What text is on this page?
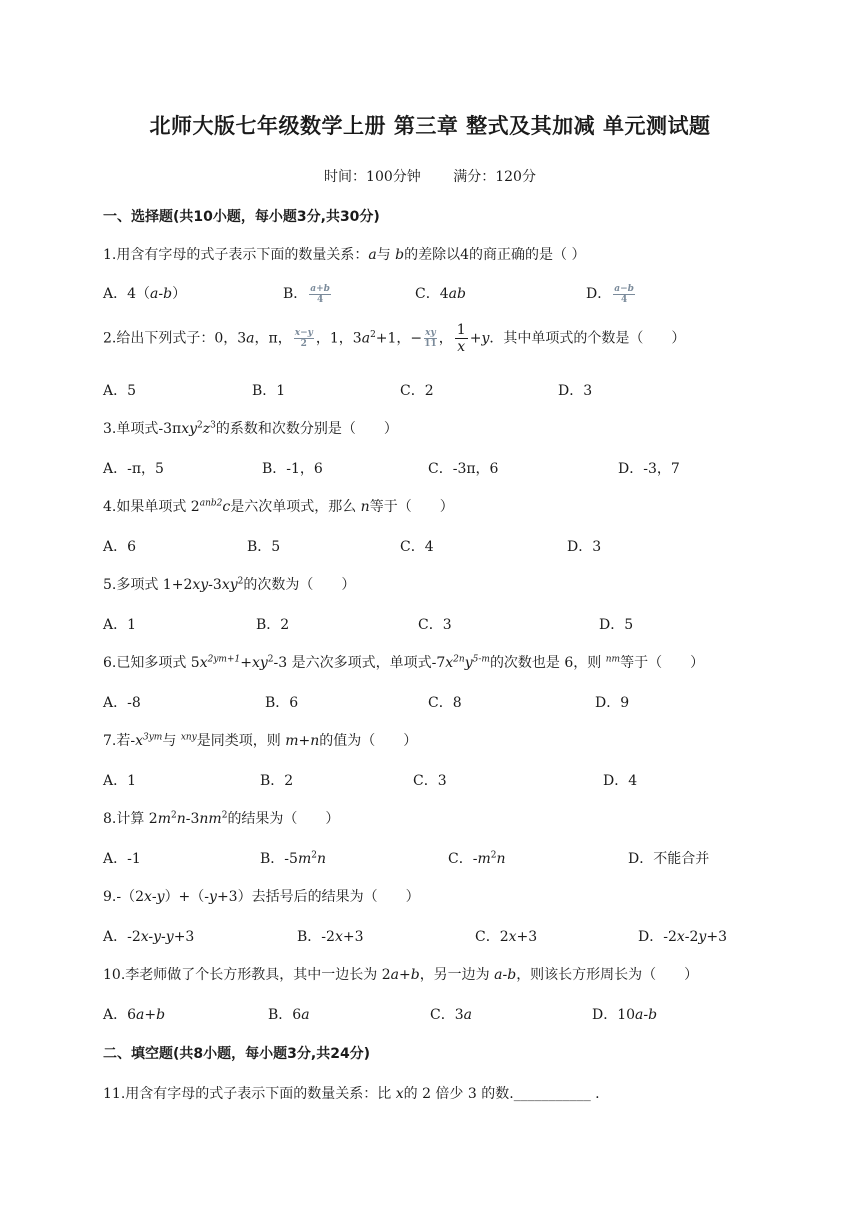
北师大版七年级数学上册 第三章 整式及其加减 单元测试题
时间：100分钟 满分：120分
一、选择题(共10小题，每小题3分,共30分)
1.用含有字母的式子表示下面的数量关系：a与 b的差除以4的商正确的是（ ）
A．4（a-b）	B． $\frac{a+b}{4}$	C．4ab	D． $\frac{a-b}{4}$
2.给出下列式子：0，3a，π， $\frac{x-y}{2}$ ，1，$3a^2+1$，− $\frac{xy}{11}$ ， $\frac{1}{x} +y$．其中单项式的个数是（　　）
A．5	B．1	C．2	D．3
3.单项式$-3\pi xy^2z^3$的系数和次数分别是（　　）
A．-π，5	B．-1，6	C．-3π，6	D．-3，7
4.如果单项式 $2^{anb2}c$是六次单项式，那么 n等于（　　）
A．6	B．5	C．4	D．3
5.多项式 $1+2xy-3xy^2$的次数为（　　）
A．1	B．2	C．3	D．5
6.已知多项式 $5x^{2ym+1}+xy^2-3$ 是六次多项式，单项式$-7x^{2n}y^{5-m}$的次数也是 6，则 $^{nm}$等于（　　）
A．-8	B．6	C．8	D．9
7.若$-x^{3ym}$与 $^{xny}$是同类项，则 m+n的值为（　　）
A．1	B．2	C．3	D．4
8.计算 $2m^2n-3nm^2$的结果为（　　）
A．-1	B．$-5m^2n$	C．$-m^2n$	D．不能合并
9.-（2x-y）+（-y+3）去括号后的结果为（　　）
A．-2x-y-y+3	B．-2x+3	C．2x+3	D．-2x-2y+3
10.李老师做了个长方形教具，其中一边长为 2a+b，另一边为 a-b，则该长方形周长为（　　）
A．6a+b	B．6a	C．3a	D．10a-b
二、填空题(共8小题，每小题3分,共24分)
11.用含有字母的式子表示下面的数量关系：比 x的 2 倍少 3 的数.___________ .
